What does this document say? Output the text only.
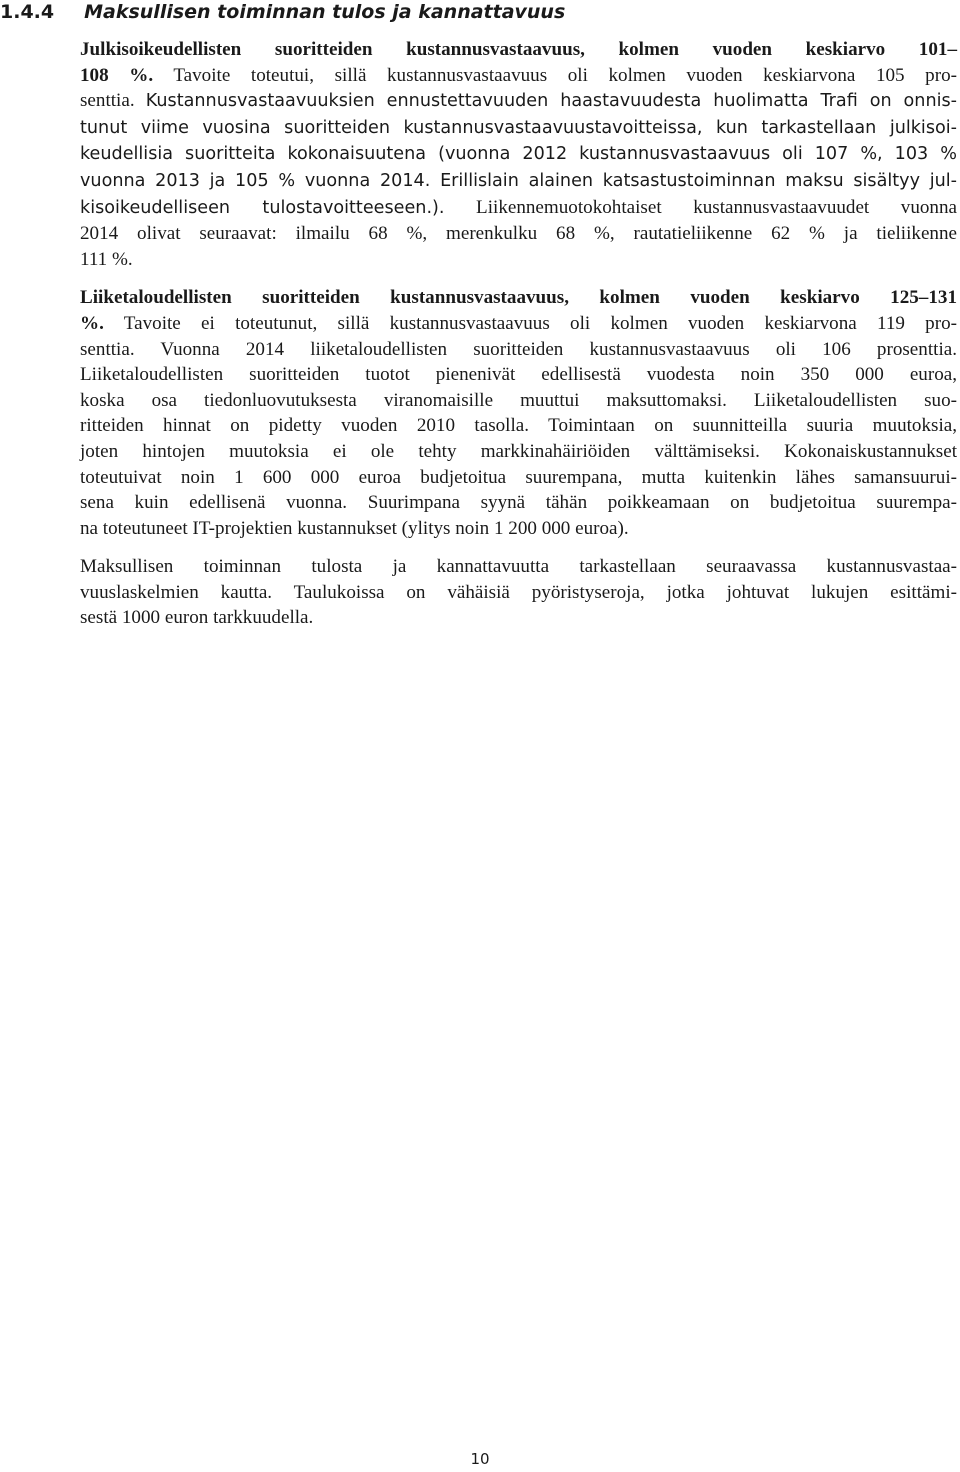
1.4.4 Maksullisen toiminnan tulos ja kannattavuus
Julkisoikeudellisten suoritteiden kustannusvastaavuus, kolmen vuoden keskiarvo 101–
108 %. Tavoite toteutui, sillä kustannusvastaavuus oli kolmen vuoden keskiarvona 105 pro-
senttia. Kustannusvastaavuuksien ennustettavuuden haastavuudesta huolimatta Trafi on onnis-
tunut viime vuosina suoritteiden kustannusvastaavuustavoitteissa, kun tarkastellaan julkisoi-
keudellisia suoritteita kokonaisuutena (vuonna 2012 kustannusvastaavuus oli 107 %, 103 %
vuonna 2013 ja 105 % vuonna 2014. Erillislain alainen katsastustoiminnan maksu sisältyy jul-
kisoikeudelliseen tulostavoitteeseen.). Liikennemuotokohtaiset kustannusvastaavuudet vuonna
2014 olivat seuraavat: ilmailu 68 %, merenkulku 68 %, rautatieliikenne 62 % ja tieliikenne
111 %.
Liiketaloudellisten suoritteiden kustannusvastaavuus, kolmen vuoden keskiarvo 125–131
%. Tavoite ei toteutunut, sillä kustannusvastaavuus oli kolmen vuoden keskiarvona 119 pro-
senttia. Vuonna 2014 liiketaloudellisten suoritteiden kustannusvastaavuus oli 106 prosenttia.
Liiketaloudellisten suoritteiden tuotot pienenivät edellisestä vuodesta noin 350 000 euroa,
koska osa tiedonluovutuksesta viranomaisille muuttui maksuttomaksi. Liiketaloudellisten suo-
ritteiden hinnat on pidetty vuoden 2010 tasolla. Toimintaan on suunnitteilla suuria muutoksia,
joten hintojen muutoksia ei ole tehty markkinahäiriöiden välttämiseksi. Kokonaiskustannukset
toteutuivat noin 1 600 000 euroa budjetoitua suurempana, mutta kuitenkin lähes samansuurui-
sena kuin edellisenä vuonna. Suurimpana syynä tähän poikkeamaan on budjetoitua suurempa-
na toteutuneet IT-projektien kustannukset (ylitys noin 1 200 000 euroa).
Maksullisen toiminnan tulosta ja kannattavuutta tarkastellaan seuraavassa kustannusvastaa-
vuuslaskelmien kautta. Taulukoissa on vähäisiä pyöristyseroja, jotka johtuvat lukujen esittämi-
sestä 1000 euron tarkkuudella.
10
